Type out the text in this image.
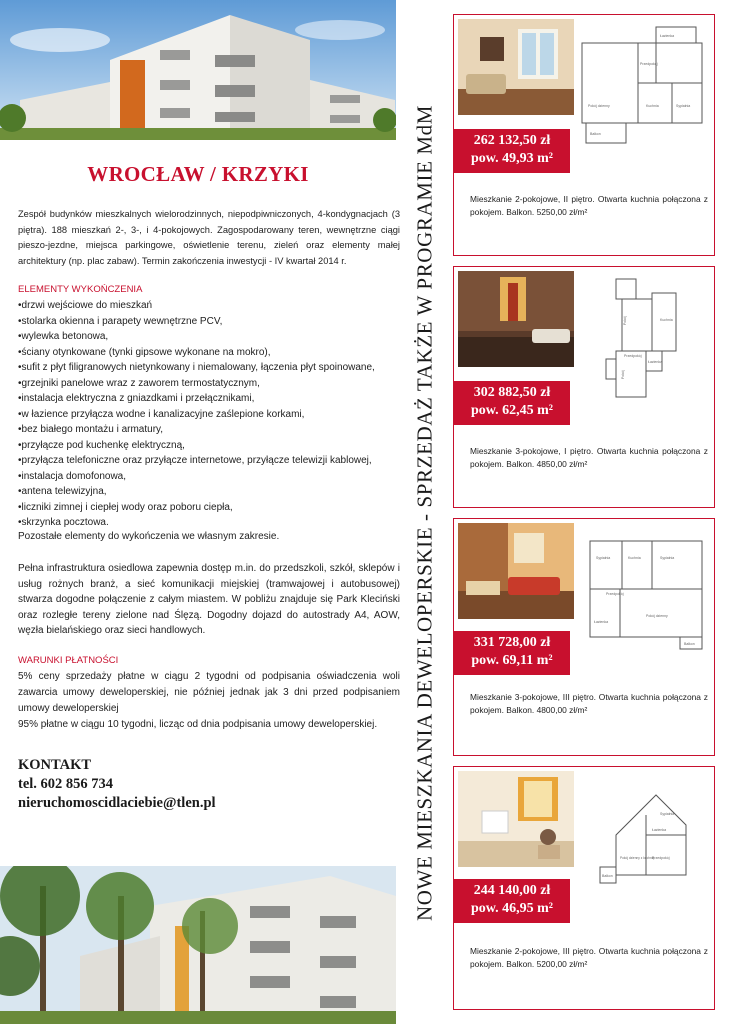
WROCŁAW / KRZYKI
Zespół budynków mieszkalnych wielorodzinnych, niepodpiwniczonych, 4-kondygnacjach (3 piętra). 188 mieszkań 2-, 3-, i 4-pokojowych. Zagospodarowany teren, wewnętrzne ciągi pieszo-jezdne, miejsca parkingowe, oświetlenie terenu, zieleń oraz elementy małej architektury (np. plac zabaw). Termin zakończenia inwestycji - IV kwartał 2014 r.
ELEMENTY WYKOŃCZENIA
•drzwi wejściowe do mieszkań
•stolarka okienna i parapety wewnętrzne PCV,
•wylewka betonowa,
•ściany otynkowane (tynki gipsowe wykonane na mokro),
•sufit z płyt filigranowych nietynkowany i niemalowany, łączenia płyt spoinowane,
•grzejniki panelowe wraz z zaworem termostatycznym,
•instalacja elektryczna z gniazdkami i przełącznikami,
•w łazience przyłącza wodne i kanalizacyjne zaślepione korkami,
•bez białego montażu i armatury,
•przyłącze pod kuchenkę elektryczną,
•przyłącza telefoniczne oraz przyłącze internetowe, przyłącze telewizji kablowej,
•instalacja domofonowa,
•antena telewizyjna,
•liczniki zimnej i ciepłej wody oraz poboru ciepła,
•skrzynka pocztowa.
Pozostałe elementy do wykończenia we własnym zakresie.
Pełna infrastruktura osiedlowa zapewnia dostęp m.in. do przedszkoli, szkół, sklepów i usług rożnych branż, a sieć komunikacji miejskiej (tramwajowej i autobusowej) stwarza dogodne połączenie z całym miastem. W pobliżu znajduje się Park Kleciński oraz rozległe tereny zielone nad Ślęzą. Dogodny dojazd do autostrady A4, AOW, węzła bielańskiego oraz sieci handlowych.
WARUNKI PŁATNOŚCI
5% ceny sprzedaży płatne w ciągu 2 tygodni od podpisania oświadczenia woli zawarcia umowy deweloperskiej, nie później jednak jak 3 dni przed podpisaniem umowy deweloperskiej
95% płatne w ciągu 10 tygodni, licząc od dnia podpisania umowy deweloperskiej.
KONTAKT
tel. 602 856 734
nieruchomoscidlaciebie@tlen.pl	NOWE MIESZKANIA DEWELOPERSKIE - SPRZEDAŻ TAKŻE W PROGRAMIE MdM
Łazienka
Przedpokój
Pokój dzienny	Kuchnia	Sypialnia
Balkon
262 132,50 zł
pow. 49,93 m²
Mieszkanie 2-pokojowe, II piętro. Otwarta kuchnia połączona z pokojem. Balkon. 5250,00 zł/m²
Pokój	Kuchnia
Łazienka
Przedpokój
Pokój
302 882,50 zł
pow. 62,45 m²
Mieszkanie 3-pokojowe, I piętro. Otwarta kuchnia połączona z pokojem. Balkon. 4850,00 zł/m²
Sypialnia	Kuchnia	Sypialnia
Przedpokój
Łazienka
Pokój dzienny
Balkon
331 728,00 zł
pow. 69,11 m²
Mieszkanie 3-pokojowe, III piętro. Otwarta kuchnia połączona z pokojem. Balkon. 4800,00 zł/m²
Sypialnia
Łazienka
Pokój dzienny z kuchnią
Przedpokój
Balkon
244 140,00 zł
pow. 46,95 m²
Mieszkanie 2-pokojowe, III piętro. Otwarta kuchnia połączona z pokojem. Balkon. 5200,00 zł/m²
